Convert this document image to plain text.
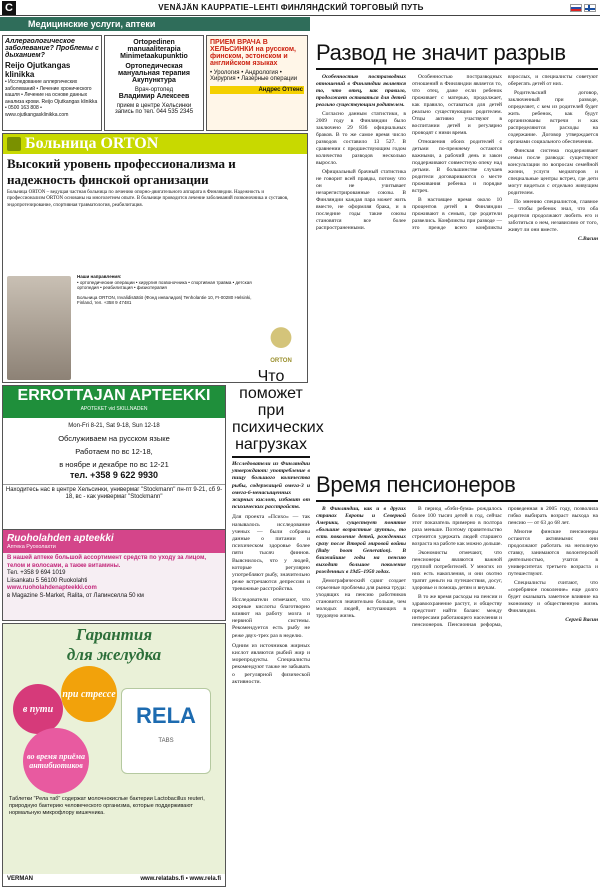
С	VENÄJÄN KAUPPATIE–LEHTI ФИНЛЯНДСКИЙ ТОРГОВЫЙ ПУТЬ
Медицинские услуги, аптеки
Аллергологическое заболевание? Проблемы с дыханием?
Reijo Ojutkangas klinikka

• Исследование аллергических заболеваний • Лечение хронического кашля • Лечение на основе данных анализа крови. Reijo Ojutkangas klinikka • 0500 163 808 • www.ojutkangasklinikka.com

Ortopedinen manuaaliterapia
Minimetaakupunktio
Ортопедическая мануальная терапия Акупунктура
Врач-ортопед
Владимир Алексеев
прием в центре Хельсинки запись по тел. 044 535 2345
ПРИЕМ ВРАЧА В ХЕЛЬСИНКИ на русском, финском, эстонском и английском языках
• Урология • Андрология • Хирургия • Лазерные операции
Андрес Оттенс
Больница ORTON
Высокий уровень профессионализма и надежность финской организации
Больница ORTON – ведущая частная больница по лечению опорно-двигательного аппарата в Финляндии. Надежность и профессионализм ORTON основаны на многолетнем опыте. В больнице проводится лечение заболеваний позвоночника и суставов, эндопротезирование, спортивная травматология, реабилитация.
Наши направления:
• ортопедические операции • хирургия позвоночника • спортивная травма • детская ортопедия • реабилитация • физиотерапия
Больница ORTON, Invalidisäätiö (Фонд инвалидов) Tenholantie 10, FI-00280 Helsinki, Finland, тел. +358 9 47481
ORTON
ERROTTAJAN APTEEKKI
APOTEKET vid SKILLNADEN
Mon-Fri 8-21, Sat 9-18, Sun 12-18
Обслуживаем на русском языке
Работаем по вс 12-18,
в ноябре и декабре по вс 12-21
тел. +358 9 622 9930
Находитесь нас в центре Хельсинки, универмаг "Stockmann" пн-пт 9-21, сб 9-18, вс - как универмаг "Stockmann"
Ruoholahden apteekki
Аптека Руохолахти
В нашей аптеке большой ассортимент средств по уходу за лицом, телом и волосами, а также витамины.
Тел. +358 9 694 1019
Liisankatu 5 56100 Ruokolahti
www.ruoholahdenapteekki.com
в Magazine S-Market, Ralita, от Лапинселла 50 км
Гарантия
для желудка
в пути
при стрессе
во время приёма антибиотиков
RELA
TABS
Таблетки "Рела таб" содержат молочнокислые бактерии Lactobacillus reuteri, природную бактерию человеческого организма, которые поддерживают нормальную микрофлору кишечника.
VERMAN	www.relatabs.fi • www.rela.fi
Что поможет при психических нагрузках

Исследователи из Финляндии утверждают: употребление в пищу большого количества рыбы, содержащей омега-3 и омега-6-ненасыщенных жирных кислот, избавит от психических расстройств.

Для проекта «Психо» — так называлось исследование ученых — были собраны данные о питании и психическом здоровье более пяти тысяч финнов. Выяснилось, что у людей, которые регулярно употребляют рыбу, значительно реже встречаются депрессии и тревожные расстройства.

Исследователи отмечают, что жирные кислоты благотворно влияют на работу мозга и нервной системы. Рекомендуется есть рыбу не реже двух-трех раз в неделю.

Одним из источников жирных кислот являются рыбий жир и морепродукты. Специалисты рекомендуют также не забывать о регулярной физической активности.

Развод не значит разрыв

Особенностью постразводных отношений в Финляндии является то, что отец, как правило, продолжает оставаться для детей реально существующим родителем.

Согласно данным статистики, в 2009 году в Финляндии было заключено 29 836 официальных браков. В то же самое время число разводов составило 13 527. В сравнении с предшествующим годом количество разводов несколько выросло.

Официальный брачный статистика не говорит всей правды, потому что он не учитывает незарегистрированные союзы. В Финляндии каждая пара может жить вместе, не оформляя брака, и в последние годы такие союзы становятся все более распространенными.

Особенностью постразводных отношений в Финляндии является то, что отец, даже если ребенок проживает с матерью, продолжает, как правило, оставаться для детей реально существующим родителем. Отцы активно участвуют в воспитании детей и регулярно проводят с ними время.

Отношения обоих родителей с детьми по-прежнему остаются важными, а рабочий день и закон поддерживают совместную опеку над детьми. В большинстве случаев родители договариваются о месте проживания ребенка и порядке встреч.

В настоящее время около 10 процентов детей в Финляндии проживают в семьях, где родители развелись. Конфликты при разводе — это прежде всего конфликты взрослых, и специалисты советуют оберегать детей от них.

Родительский договор, заключенный при разводе, определяет, с кем из родителей будет жить ребенок, как будут организованы встречи и как распределяются расходы на содержание. Договор утверждается органами социального обеспечения.

Финская система поддерживает семьи после развода: существуют консультации по вопросам семейной жизни, услуги медиаторов и специальные центры встреч, где дети могут видеться с отдельно живущим родителем.

По мнению специалистов, главное — чтобы ребенок знал, что оба родителя продолжают любить его и заботиться о нем, независимо от того, живут ли они вместе.

С.Васин

Время пенсионеров

В Финляндии, как и в других странах Европы и Северной Америки, существует понятие «большие возрастные группы», то есть поколение детей, рожденных сразу после Второй мировой войны (Baby boom Generation). В ближайшие годы на пенсию выходит большое поколение рожденных в 1945–1950 годах.

Демографический сдвиг создает серьезные проблемы для рынка труда: уходящих на пенсию работников становится значительно больше, чем молодых людей, вступающих в трудовую жизнь.

В период «бэби-бума» рождалось более 100 тысяч детей в год, сейчас этот показатель примерно в полтора раза меньше. Поэтому правительство стремится удержать людей старшего возраста на работе как можно дольше.

Экономисты отмечают, что пенсионеры являются важной группой потребителей. У многих из них есть накопления, и они охотно тратят деньги на путешествия, досуг, здоровье и помощь детям и внукам.

В то же время расходы на пенсии и здравоохранение растут, и обществу предстоит найти баланс между интересами работающего населения и пенсионеров. Пенсионная реформа, проведенная в 2005 году, позволила гибко выбирать возраст выхода на пенсию — от 63 до 68 лет.

Многие финские пенсионеры остаются активными: они продолжают работать на неполную ставку, занимаются волонтерской деятельностью, учатся в университетах третьего возраста и путешествуют.

Специалисты считают, что «серебряное поколение» еще долго будет оказывать заметное влияние на экономику и общественную жизнь Финляндии.

Сергей Васин
